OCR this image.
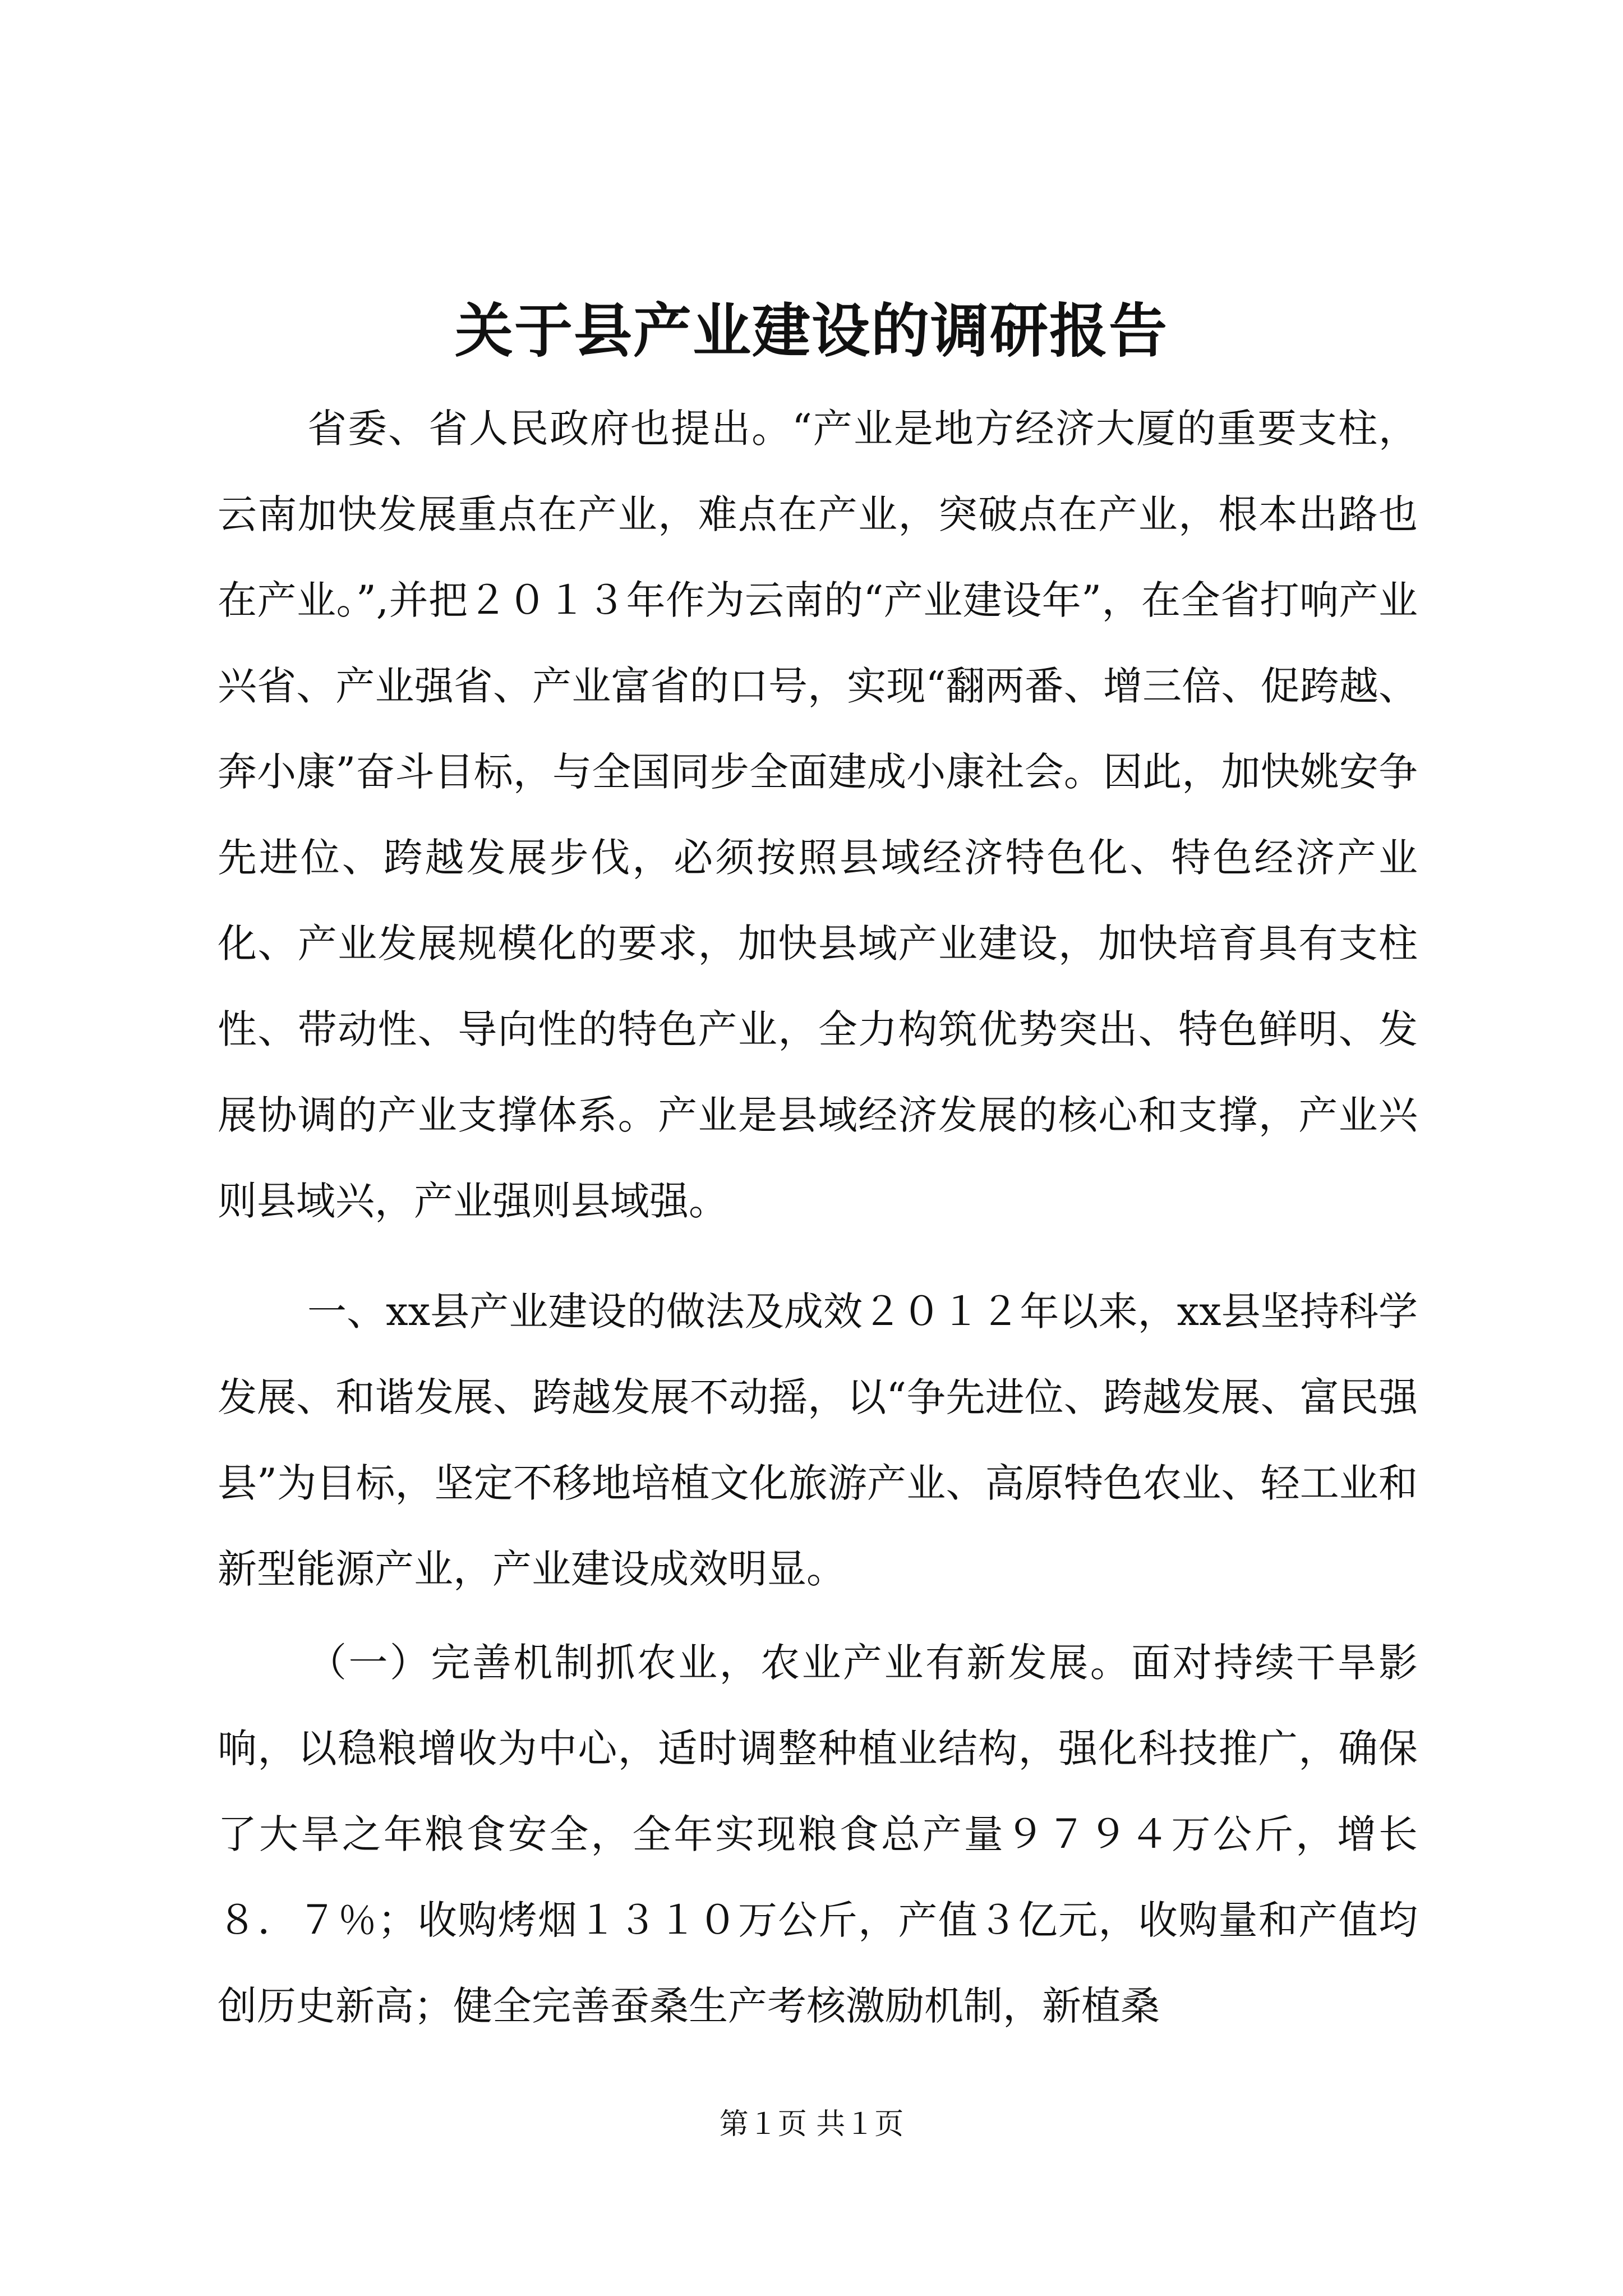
关于县产业建设的调研报告

省委、省人民政府也提出。“产业是地方经济大厦的重要支柱，云南加快发展重点在产业，难点在产业，突破点在产业，根本出路也在产业。”,并把２０１３年作为云南的“产业建设年”，在全省打响产业兴省、产业强省、产业富省的口号，实现“翻两番、增三倍、促跨越、奔小康”奋斗目标，与全国同步全面建成小康社会。因此，加快姚安争先进位、跨越发展步伐，必须按照县域经济特色化、特色经济产业化、产业发展规模化的要求，加快县域产业建设，加快培育具有支柱性、带动性、导向性的特色产业，全力构筑优势突出、特色鲜明、发展协调的产业支撑体系。产业是县域经济发展的核心和支撑，产业兴则县域兴，产业强则县域强。

一、xx县产业建设的做法及成效２０１２年以来，xx县坚持科学发展、和谐发展、跨越发展不动摇，以“争先进位、跨越发展、富民强县”为目标，坚定不移地培植文化旅游产业、高原特色农业、轻工业和新型能源产业，产业建设成效明显。

（一）完善机制抓农业，农业产业有新发展。面对持续干旱影响，以稳粮增收为中心，适时调整种植业结构，强化科技推广，确保了大旱之年粮食安全，全年实现粮食总产量９７９４万公斤，增长８．７％；收购烤烟１３１０万公斤，产值３亿元，收购量和产值均创历史新高；健全完善蚕桑生产考核激励机制，新植桑

第１页 共１页
